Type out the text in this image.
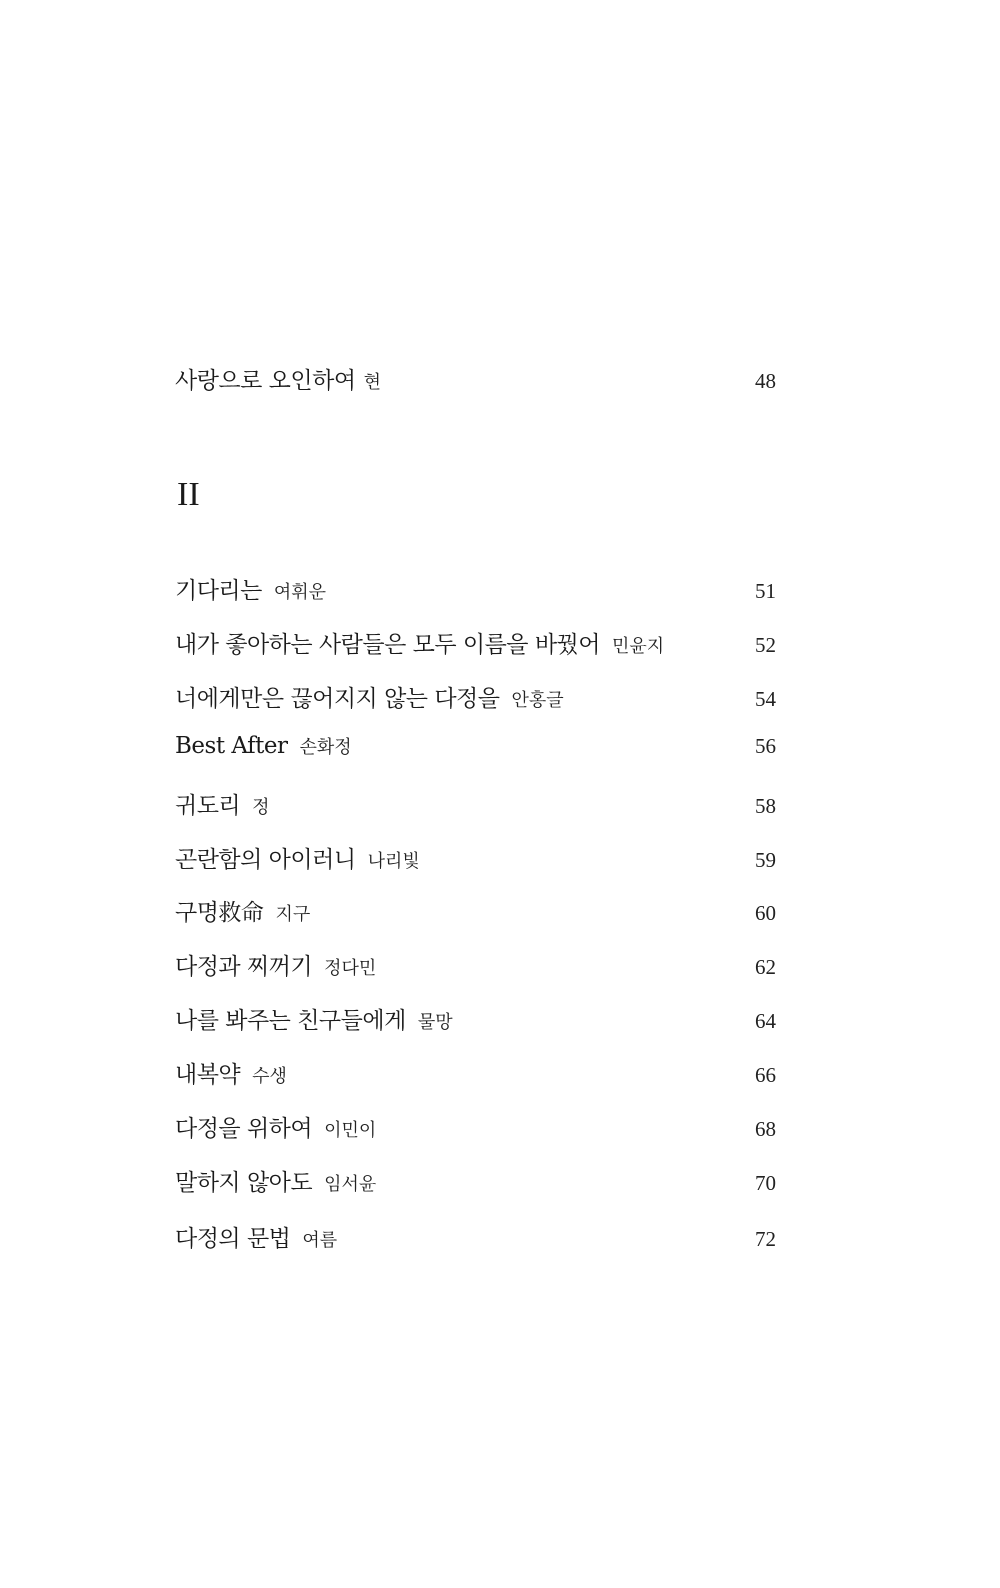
사랑으로 오인하여 현	48
II
기다리는 여휘운	51
내가 좋아하는 사람들은 모두 이름을 바꿨어 민윤지	52
너에게만은 끊어지지 않는 다정을 안홍글	54
Best After 손화정	56
귀도리 정	58
곤란함의 아이러니 나리빛	59
구명救命 지구	60
다정과 찌꺼기 정다민	62
나를 봐주는 친구들에게 물망	64
내복약 수생	66
다정을 위하여 이민이	68
말하지 않아도 임서윤	70
다정의 문법 여름	72
